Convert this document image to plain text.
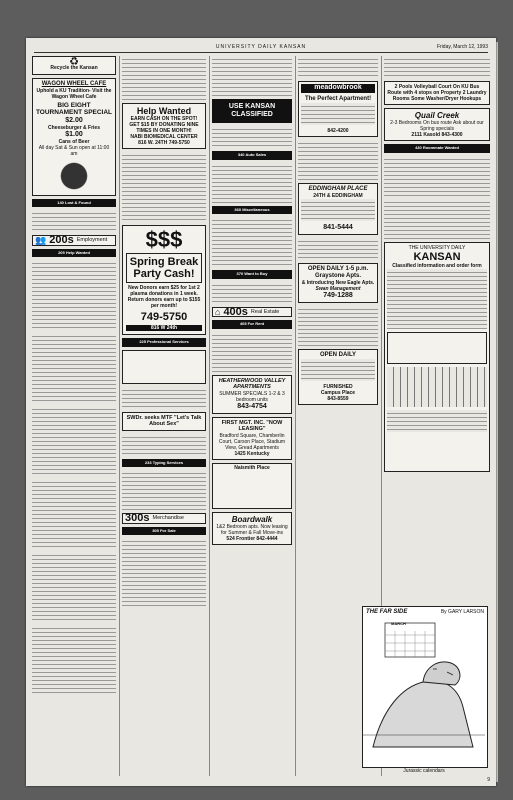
UNIVERSITY DAILY KANSAN	Friday, March 12, 1993
♻
Recycle the Kansan
WAGON WHEEL CAFE
Uphold a KU Tradition- Visit the Wagon Wheel Cafe
BIG EIGHT TOURNAMENT SPECIAL
$2.00
Cheeseburger & Fries
$1.00
Cans of Beer
All day Sat & Sun open at 11:00 am
140 Lost & Found
👥 200s Employment
205 Help Wanted
Help Wanted
EARN CASH ON THE SPOT!
GET $15 BY DONATING NINE TIMES IN ONE MONTH!
NABI BIOMEDICAL CENTER
816 W. 24TH 749-5750
$$$
Spring Break Party Cash!
New Donors earn $25 for 1st 2 plasma donations in 1 week. Return donors earn up to $155 per month!
749-5750
816 W 24th
225 Professional Services
SWDr. seeks MTF "Let's Talk About Sex"
233 Typing Services
300s Merchandise
305 For Sale
USE KANSAN CLASSIFIED
340 Auto Sales
360 Miscellaneous
370 Want to Buy
⌂ 400s Real Estate
405 For Rent
HEATHERWOOD VALLEY APARTMENTS
SUMMER SPECIALS 1-2 & 3 bedroom units
843-4754
FIRST MGT. INC. "NOW LEASING"
Bradford Square, Chamberlin Court, Carson Place, Stadium View, Gread Apartments
1425 Kentucky
Naismith Place
Boardwalk
1&2 Bedroom apts. Now leasing for Summer & Fall Move-ins
524 Frontier 842-4444
meadowbrook
The Perfect Apartment!
842-4200
EDDINGHAM PLACE
24TH & EDDINGHAM
841-5444
OPEN DAILY 1-5 p.m.
Graystone Apts.
& Introducing New Eagle Apts.
Swan Management
749-1288
OPEN DAILY
FURNISHED
Campus Place
843-8559
2 Pools Volleyball Court On KU Bus Route with 4 stops on Property 2 Laundry Rooms Some Washer/Dryer Hookups
Quail Creek
2-3 Bedrooms On bus route Ask about our Spring specials
2111 Kasold 843-4300
430 Roommate Wanted
THE UNIVERSITY DAILY
KANSAN
Classified information and order form
THE FAR SIDE	By GARY LARSON
MARCH
Jurassic calendars
9
